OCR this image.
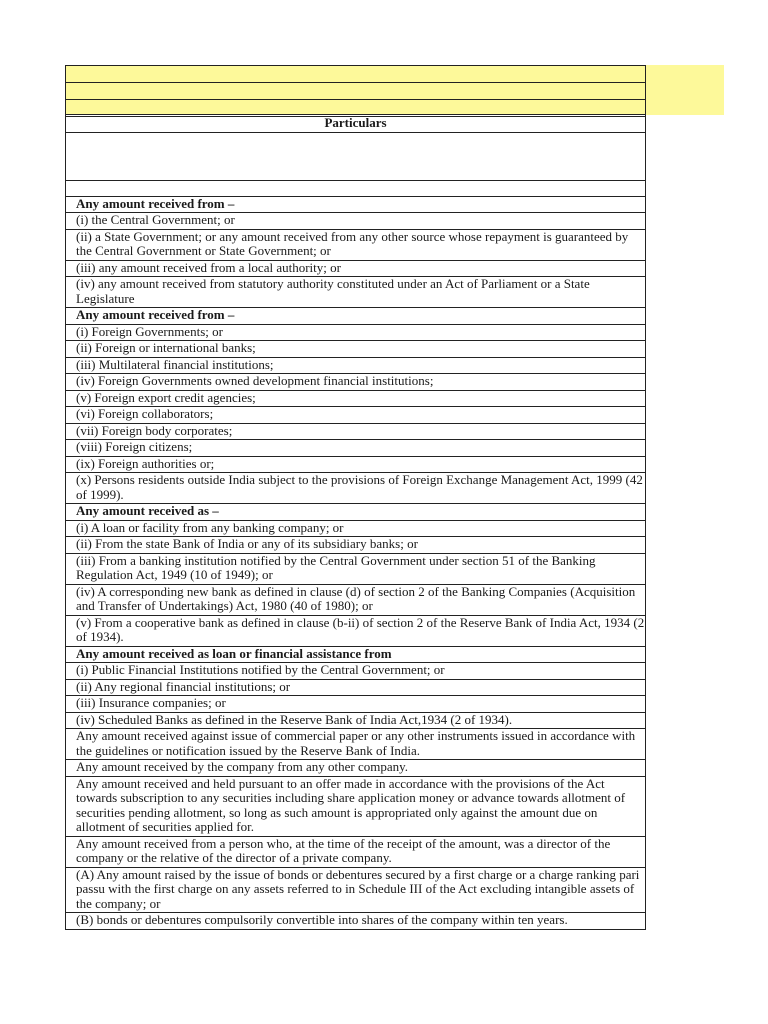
Particulars

Any amount received from –
(i) the Central Government; or
(ii) a State Government; or any amount received from any other source whose repayment is guaranteed by the Central Government or State Government; or
(iii) any amount received from a local authority; or
(iv) any amount received from statutory authority constituted under an Act of Parliament or a State Legislature
Any amount received from –
(i) Foreign Governments; or
(ii) Foreign or international banks;
(iii) Multilateral financial institutions;
(iv) Foreign Governments owned development financial institutions;
(v) Foreign export credit agencies;
(vi) Foreign collaborators;
(vii) Foreign body corporates;
(viii) Foreign citizens;
(ix) Foreign authorities or;
(x) Persons residents outside India subject to the provisions of Foreign Exchange Management Act, 1999 (42 of 1999).
Any amount received as –
(i) A loan or facility from any banking company; or
(ii) From the state Bank of India or any of its subsidiary banks; or
(iii) From a banking institution notified by the Central Government under section 51 of the Banking Regulation Act, 1949 (10 of 1949); or
(iv) A corresponding new bank as defined in clause (d) of section 2 of the Banking Companies (Acquisition and Transfer of Undertakings) Act, 1980 (40 of 1980); or
(v) From a cooperative bank as defined in clause (b-ii) of section 2 of the Reserve Bank of India Act, 1934 (2 of 1934).
Any amount received as loan or financial assistance from
(i) Public Financial Institutions notified by the Central Government; or
(ii) Any regional financial institutions; or
(iii) Insurance companies; or
(iv) Scheduled Banks as defined in the Reserve Bank of India Act,1934 (2 of 1934).
Any amount received against issue of commercial paper or any other instruments issued in accordance with the guidelines or notification issued by the Reserve Bank of India.
Any amount received by the company from any other company.
Any amount received and held pursuant to an offer made in accordance with the provisions of the Act towards subscription to any securities including share application money or advance towards allotment of securities pending allotment, so long as such amount is appropriated only against the amount due on allotment of securities applied for.
Any amount received from a person who, at the time of the receipt of the amount, was a director of the company or the relative of the director of a private company.
(A) Any amount raised by the issue of bonds or debentures secured by a first charge or a charge ranking pari passu with the first charge on any assets referred to in Schedule III of the Act excluding intangible assets of the company; or
(B) bonds or debentures compulsorily convertible into shares of the company within ten years.
